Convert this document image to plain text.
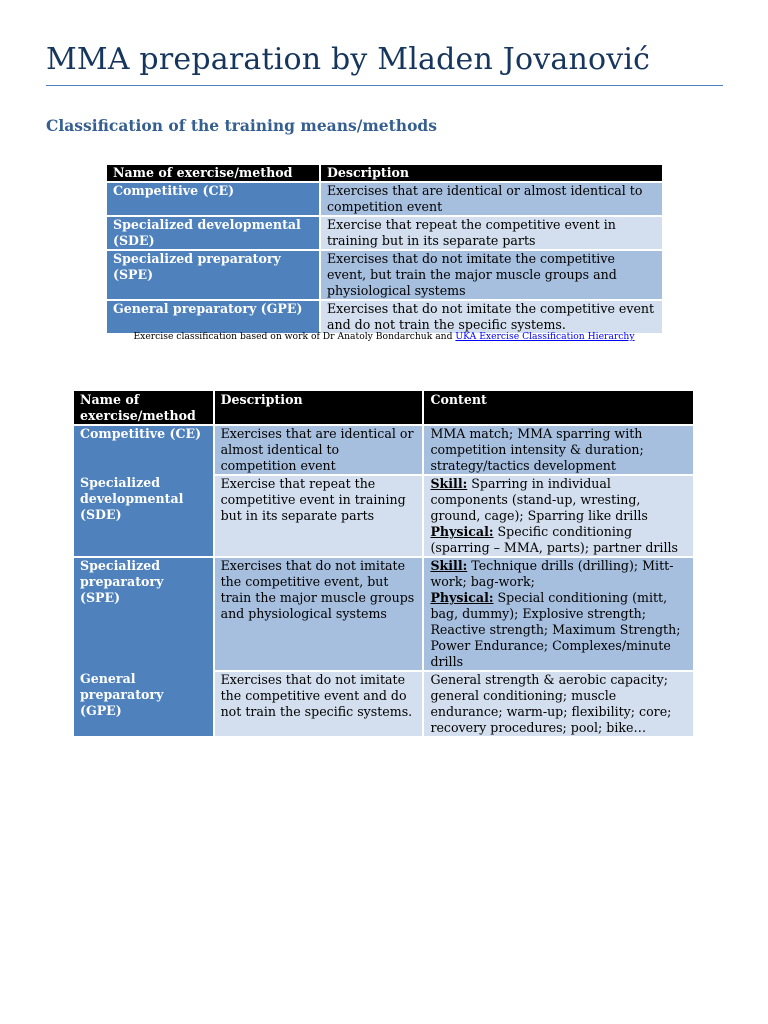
MMA preparation by Mladen Jovanović
Classification of the training means/methods
Name of exercise/method	Description
Competitive (CE)	Exercises that are identical or almost identical to competition event
Specialized developmental (SDE)	Exercise that repeat the competitive event in training but in its separate parts
Specialized preparatory (SPE)	Exercises that do not imitate the competitive event, but train the major muscle groups and physiological systems
General preparatory (GPE)	Exercises that do not imitate the competitive event and do not train the specific systems.
Exercise classification based on work of Dr Anatoly Bondarchuk and UKA Exercise Classification Hierarchy
Name of exercise/method	Description	Content
Competitive (CE)	Exercises that are identical or almost identical to competition event	MMA match; MMA sparring with competition intensity & duration; strategy/tactics development
Specialized developmental (SDE)	Exercise that repeat the competitive event in training but in its separate parts	Skill: Sparring in individual components (stand-up, wresting, ground, cage); Sparring like drills
Physical: Specific conditioning (sparring – MMA, parts); partner drills
Specialized preparatory (SPE)	Exercises that do not imitate the competitive event, but train the major muscle groups and physiological systems	Skill: Technique drills (drilling); Mitt-work; bag-work;
Physical: Special conditioning (mitt, bag, dummy); Explosive strength; Reactive strength; Maximum Strength; Power Endurance; Complexes/minute drills
General preparatory (GPE)	Exercises that do not imitate the competitive event and do not train the specific systems.	General strength & aerobic capacity; general conditioning; muscle endurance; warm-up; flexibility; core; recovery procedures; pool; bike…
